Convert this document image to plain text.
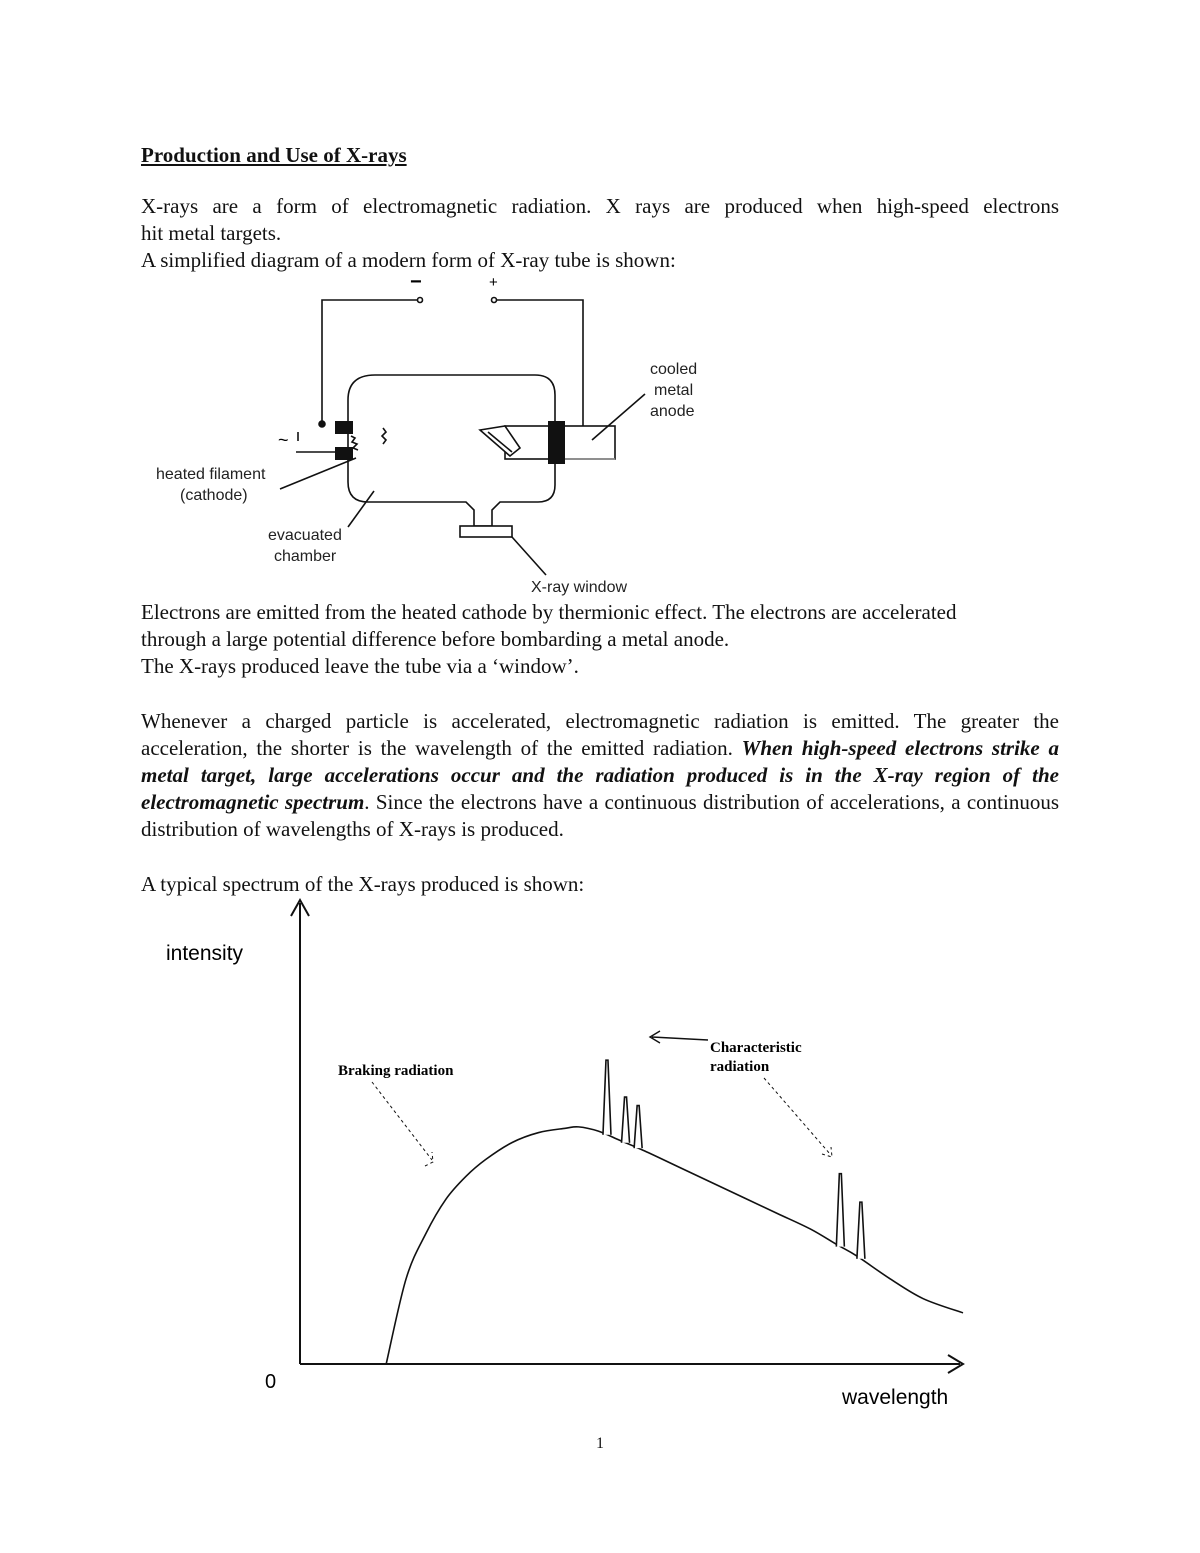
Production and Use of X-rays

X-rays are a form of electromagnetic radiation. X rays are produced when high-speed electrons
hit metal targets.
A simplified diagram of a modern form of X-ray tube is shown:

−	+
~
cooled
metal
anode
heated filament
(cathode)
evacuated
chamber
X-ray window

Electrons are emitted from the heated cathode by thermionic effect. The electrons are accelerated
through a large potential difference before bombarding a metal anode.
The X-rays produced leave the tube via a ‘window’.

Whenever a charged particle is accelerated, electromagnetic radiation is emitted. The greater the acceleration, the shorter is the wavelength of the emitted radiation. When high-speed electrons strike a metal target, large accelerations occur and the radiation produced is in the X-ray region of the electromagnetic spectrum. Since the electrons have a continuous distribution of accelerations, a continuous distribution of wavelengths of X-rays is produced.

A typical spectrum of the X-rays produced is shown:

intensity
wavelength
0
Braking radiation
Characteristic
radiation
1
